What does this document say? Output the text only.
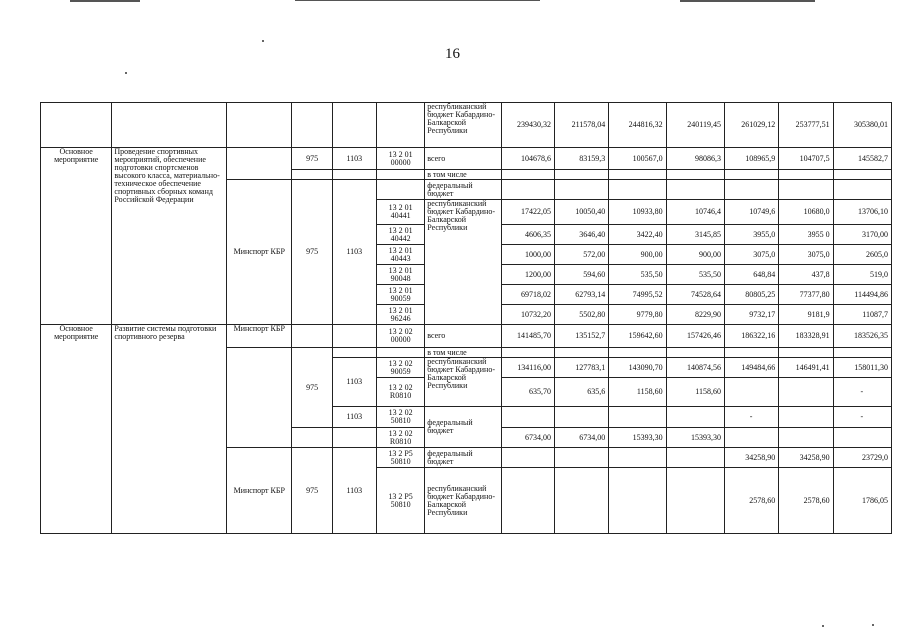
16
						республиканский бюджет Кабардино-Балкарской Республики	239430,32	211578,04	244816,32	240119,45	261029,12	253777,51	305380,01
Основное мероприятие	Проведение спортивных мероприятий, обеспечение подготовки спортсменов высокого класса, материально-техническое обеспечение спортивных сборных команд Российской Федерации		975	1103	13 2 01 00000	всего	104678,6	83159,3	100567,0	98086,3	108965,9	104707,5	145582,7
						в том числе							
		Минспорт КБР	975	1103		федеральный бюджет							
					13 2 01 40441	республиканский бюджет Кабардино-Балкарской Республики	17422,05	10050,40	10933,80	10746,4	10749,6	10680,0	13706,10
					13 2 01 40442		4606,35	3646,40	3422,40	3145,85	3955,0	3955 0	3170,00
					13 2 01 40443		1000,00	572,00	900,00	900,00	3075,0	3075,0	2605,0
					13 2 01 90048		1200,00	594,60	535,50	535,50	648,84	437,8	519,0
					13 2 01 90059		69718,02	62793,14	74995,52	74528,64	80805,25	77377,80	114494,86
					13 2 01 96246		10732,20	5502,80	9779,80	8229,90	9732,17	9181,9	11087,7
Основное мероприятие	Развитие системы подготовки спортивного резерва	Минспорт КБР			13 2 02 00000	всего	141485,70	135152,7	159642,60	157426,46	186322,16	183328,91	183526,35
			975			в том числе							
				1103	13 2 02 90059	республиканский бюджет Кабардино-Балкарской Республики	134116,00	127783,1	143090,70	140874,56	149484,66	146491,41	158011,30
					13 2 02 R0810		635,70	635,6	1158,60	1158,60			-
				1103	13 2 02 50810	федеральный бюджет					-		-
					13 2 02 R0810		6734,00	6734,00	15393,30	15393,30			
		Минспорт КБР	975	1103	13 2 P5 50810	федеральный бюджет					34258,90	34258,90	23729,0
					13 2 P5 50810	республиканский бюджет Кабардино-Балкарской Республики					2578,60	2578,60	1786,05
